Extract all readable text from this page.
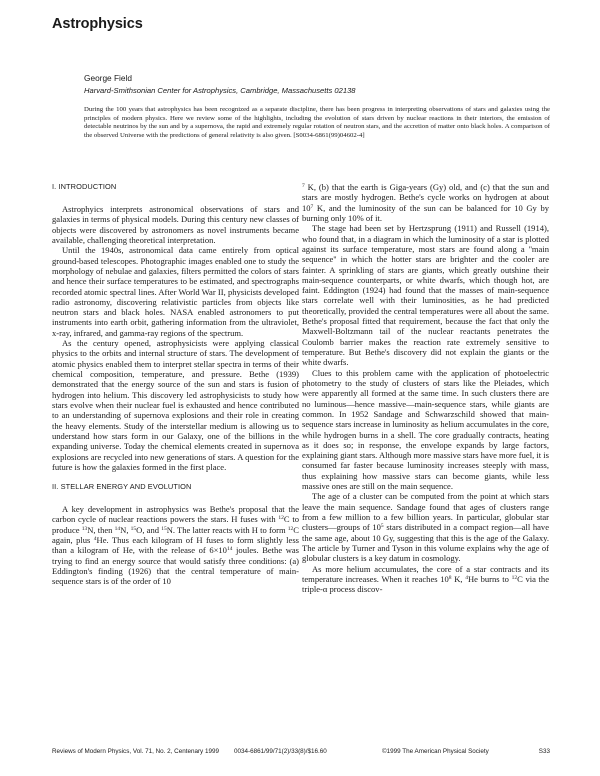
Astrophysics
George Field
Harvard-Smithsonian Center for Astrophysics, Cambridge, Massachusetts 02138

During the 100 years that astrophysics has been recognized as a separate discipline, there has been progress in interpreting observations of stars and galaxies using the principles of modern physics. Here we review some of the highlights, including the evolution of stars driven by nuclear reactions in their interiors, the emission of detectable neutrinos by the sun and by a supernova, the rapid and extremely regular rotation of neutron stars, and the accretion of matter onto black holes. A comparison of the observed Universe with the predictions of general relativity is also given. [S0034-6861(99)04602-4]

I. INTRODUCTION

Astrophyics interprets astronomical observations of stars and galaxies in terms of physical models. During this century new classes of objects were discovered by astronomers as novel instruments became available, challenging theoretical interpretation.

Until the 1940s, astronomical data came entirely from optical ground-based telescopes. Photographic images enabled one to study the morphology of nebulae and galaxies, filters permitted the colors of stars and hence their surface temperatures to be estimated, and spectrographs recorded atomic spectral lines. After World War II, physicists developed radio astronomy, discovering relativistic particles from objects like neutron stars and black holes. NASA enabled astronomers to put instruments into earth orbit, gathering information from the ultraviolet, x-ray, infrared, and gamma-ray regions of the spectrum.

As the century opened, astrophysicists were applying classical physics to the orbits and internal structure of stars. The development of atomic physics enabled them to interpret stellar spectra in terms of their chemical composition, temperature, and pressure. Bethe (1939) demonstrated that the energy source of the sun and stars is fusion of hydrogen into helium. This discovery led astrophysicists to study how stars evolve when their nuclear fuel is exhausted and hence contributed to an understanding of supernova explosions and their role in creating the heavy elements. Study of the interstellar medium is allowing us to understand how stars form in our Galaxy, one of the billions in the expanding universe. Today the chemical elements created in supernova explosions are recycled into new generations of stars. A question for the future is how the galaxies formed in the first place.

II. STELLAR ENERGY AND EVOLUTION

A key development in astrophysics was Bethe's proposal that the carbon cycle of nuclear reactions powers the stars. H fuses with $^{12}$C to produce $^{13}$N, then $^{14}$N, $^{15}$O, and $^{15}$N. The latter reacts with H to form $^{12}$C again, plus $^4$He. Thus each kilogram of H fuses to form slightly less than a kilogram of He, with the release of $6\times 10^{14}$ joules. Bethe was trying to find an energy source that would satisfy three conditions: (a) Eddington's finding (1926) that the central temperature of main-sequence stars is of the order of 10

$^7$ K, (b) that the earth is Giga-years (Gy) old, and (c) that the sun and stars are mostly hydrogen. Bethe's cycle works on hydrogen at about $10^7$ K, and the luminosity of the sun can be balanced for 10 Gy by burning only 10% of it.

The stage had been set by Hertzsprung (1911) and Russell (1914), who found that, in a diagram in which the luminosity of a star is plotted against its surface temperature, most stars are found along a ''main sequence'' in which the hotter stars are brighter and the cooler are fainter. A sprinkling of stars are giants, which greatly outshine their main-sequence counterparts, or white dwarfs, which though hot, are faint. Eddington (1924) had found that the masses of main-sequence stars correlate well with their luminosities, as he had predicted theoretically, provided the central temperatures were all about the same. Bethe's proposal fitted that requirement, because the fact that only the Maxwell-Boltzmann tail of the nuclear reactants penetrates the Coulomb barrier makes the reaction rate extremely sensitive to temperature. But Bethe's discovery did not explain the giants or the white dwarfs.

Clues to this problem came with the application of photoelectric photometry to the study of clusters of stars like the Pleiades, which were apparently all formed at the same time. In such clusters there are no luminous—hence massive—main-sequence stars, while giants are common. In 1952 Sandage and Schwarzschild showed that main-sequence stars increase in luminosity as helium accumulates in the core, while hydrogen burns in a shell. The core gradually contracts, heating as it does so; in response, the envelope expands by large factors, explaining giant stars. Although more massive stars have more fuel, it is consumed far faster because luminosity increases steeply with mass, thus explaining how massive stars can become giants, while less massive ones are still on the main sequence.

The age of a cluster can be computed from the point at which stars leave the main sequence. Sandage found that ages of clusters range from a few million to a few billion years. In particular, globular star clusters—groups of $10^5$ stars distributed in a compact region—all have the same age, about 10 Gy, suggesting that this is the age of the Galaxy. The article by Turner and Tyson in this volume explains why the age of globular clusters is a key datum in cosmology.

As more helium accumulates, the core of a star contracts and its temperature increases. When it reaches $10^8$ K, $^4$He burns to $^{12}$C via the triple-α process discov-

Reviews of Modern Physics, Vol. 71, No. 2, Centenary 1999 0034-6861/99/71(2)/33(8)/$16.60	©1999 The American Physical Society	S33
